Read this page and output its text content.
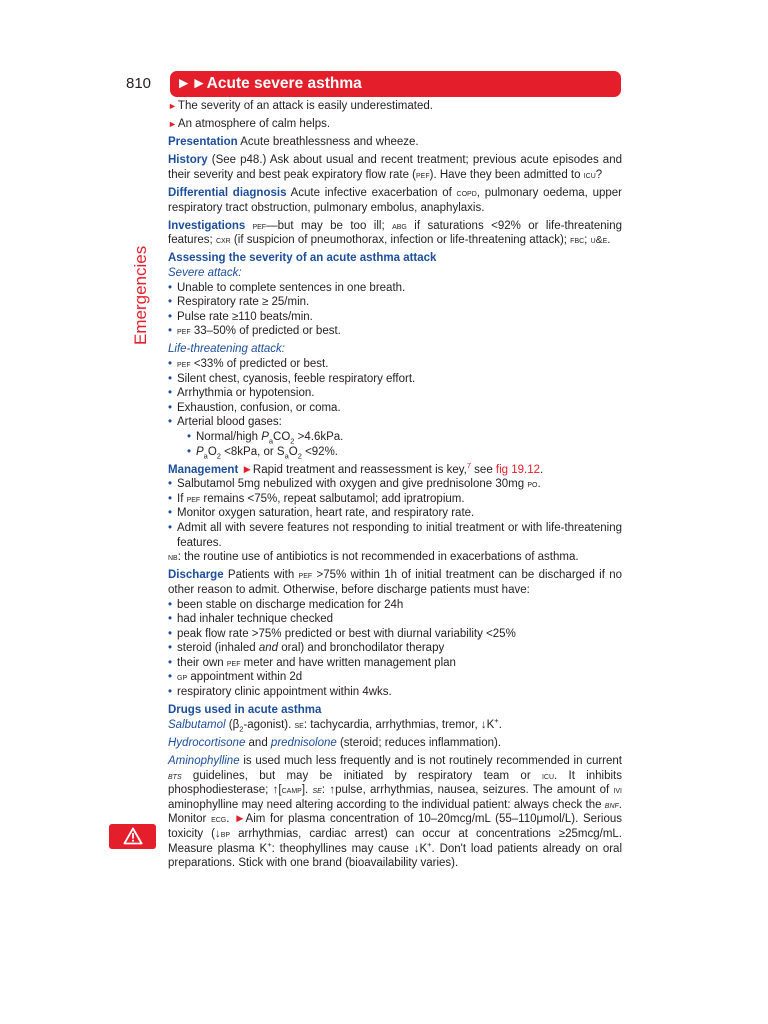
810	►►Acute severe asthma
Emergencies

► The severity of an attack is easily underestimated.

► An atmosphere of calm helps.

Presentation Acute breathlessness and wheeze.

History (See p48.) Ask about usual and recent treatment; previous acute episodes and their severity and best peak expiratory flow rate (pef). Have they been admitted to icu?

Differential diagnosis Acute infective exacerbation of copd, pulmonary oedema, upper respiratory tract obstruction, pulmonary embolus, anaphylaxis.

Investigations pef—but may be too ill; abg if saturations <92% or life-threatening features; cxr (if suspicion of pneumothorax, infection or life-threatening attack); fbc; u&e.

Assessing the severity of an acute asthma attack

Severe attack:

• Unable to complete sentences in one breath.

• Respiratory rate ≥ 25/min.

• Pulse rate ≥110 beats/min.

• pef 33–50% of predicted or best.

Life-threatening attack:

• pef <33% of predicted or best.

• Silent chest, cyanosis, feeble respiratory effort.

• Arrhythmia or hypotension.

• Exhaustion, confusion, or coma.

• Arterial blood gases:

• Normal/high $P_aCO_2 >4.6kPa$.

• $P_aO_2 <8kPa$, or $S_aO_2 <92\%$.

Management ►Rapid treatment and reassessment is key,$^7$ see fig 19.12.

• Salbutamol 5mg nebulized with oxygen and give prednisolone 30mg po.

• If pef remains <75%, repeat salbutamol; add ipratropium.

• Monitor oxygen saturation, heart rate, and respiratory rate.

• Admit all with severe features not responding to initial treatment or with life-threatening features.

nb: the routine use of antibiotics is not recommended in exacerbations of asthma.

Discharge Patients with pef >75% within 1h of initial treatment can be discharged if no other reason to admit. Otherwise, before discharge patients must have:

• been stable on discharge medication for 24h

• had inhaler technique checked

• peak flow rate >75% predicted or best with diurnal variability <25%

• steroid (inhaled and oral) and bronchodilator therapy

• their own pef meter and have written management plan

• gp appointment within 2d

• respiratory clinic appointment within 4wks.

Drugs used in acute asthma

Salbutamol $(\beta_2-agonist)$. se: tachycardia, arrhythmias, tremor, ↓K+.

Hydrocortisone and prednisolone (steroid; reduces inflammation).

Aminophylline is used much less frequently and is not routinely recommended in current bts guidelines, but may be initiated by respiratory team or icu. It inhibits phosphodiesterase; ↑[camp]. se: ↑pulse, arrhythmias, nausea, seizures. The amount of ivi aminophylline may need altering according to the individual patient: always check the bnf. Monitor ecg. ►Aim for plasma concentration of 10–20mcg/mL (55–110μmol/L). Serious toxicity (↓bp arrhythmias, cardiac arrest) can occur at concentrations ≥25mcg/mL. Measure plasma K+: theophyllines may cause ↓K+. Don't load patients already on oral preparations. Stick with one brand (bioavailability varies).
